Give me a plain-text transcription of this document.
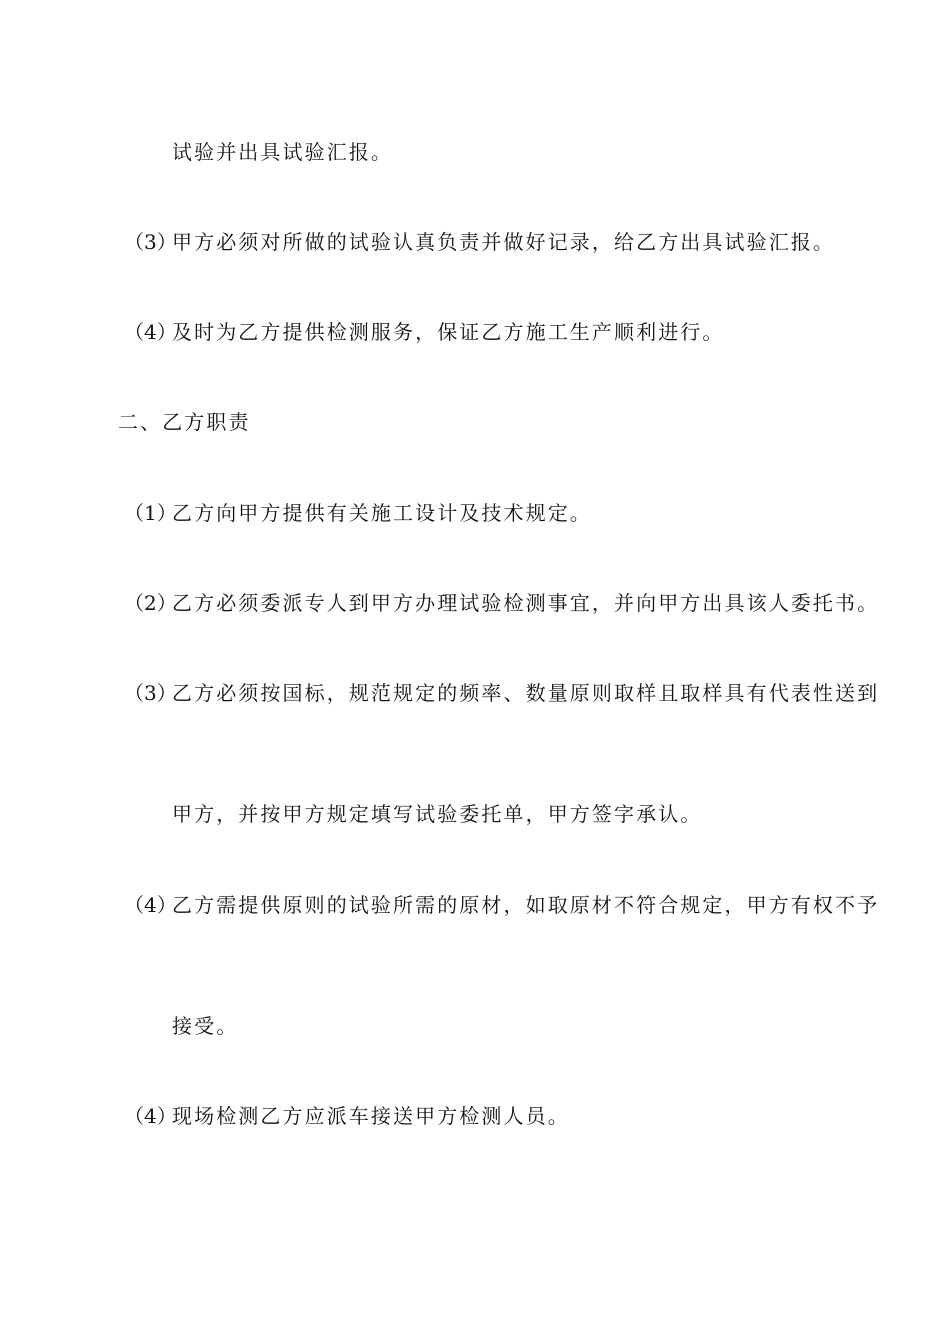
试验并出具试验汇报。
（3）甲方必须对所做的试验认真负责并做好记录，给乙方出具试验汇报。
（4）及时为乙方提供检测服务，保证乙方施工生产顺利进行。
二、乙方职责
（1）乙方向甲方提供有关施工设计及技术规定。
（2）乙方必须委派专人到甲方办理试验检测事宜，并向甲方出具该人委托书。
（3）乙方必须按国标，规范规定的频率、数量原则取样且取样具有代表性送到
甲方，并按甲方规定填写试验委托单，甲方签字承认。
（4）乙方需提供原则的试验所需的原材，如取原材不符合规定，甲方有权不予
接受。
（4）现场检测乙方应派车接送甲方检测人员。
